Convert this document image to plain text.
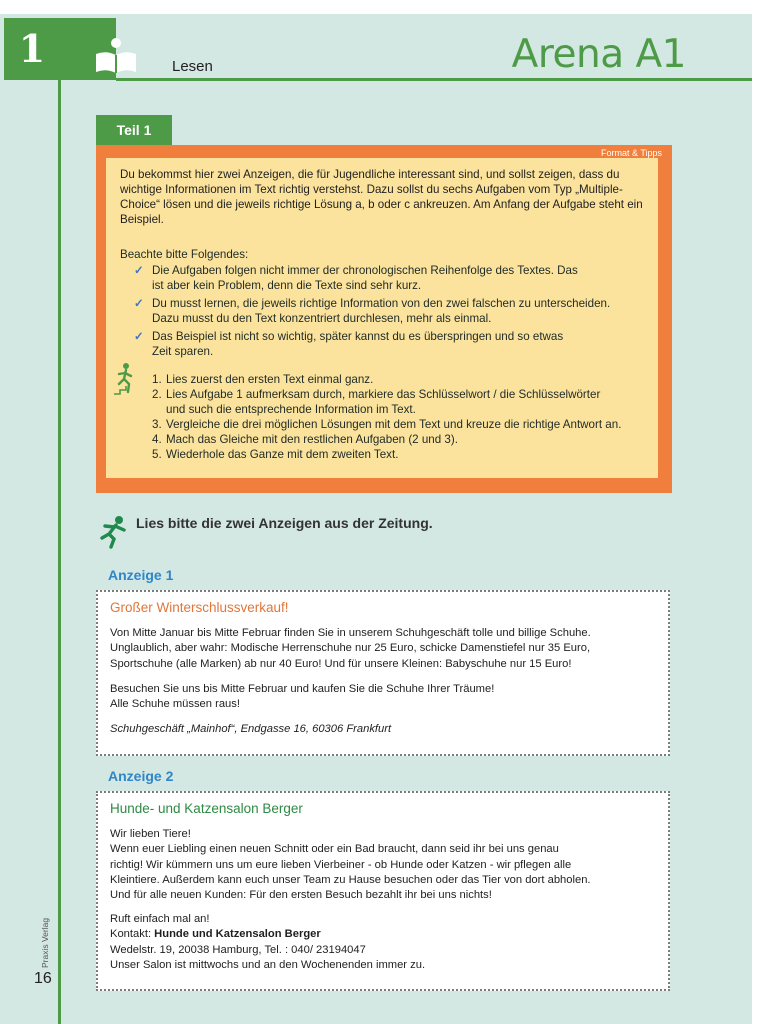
1	Lesen	Arena A1
Teil 1
Format & Tipps

Du bekommst hier zwei Anzeigen, die für Jugendliche interessant sind, und sollst zeigen, dass du wichtige Informationen im Text richtig verstehst. Dazu sollst du sechs Aufgaben vom Typ „Multiple-Choice“ lösen und die jeweils richtige Lösung a, b oder c ankreuzen. Am Anfang der Aufgabe steht ein Beispiel.

Beachte bitte Folgendes:
✓ Die Aufgaben folgen nicht immer der chronologischen Reihenfolge des Textes. Das
ist aber kein Problem, denn die Texte sind sehr kurz.
✓ Du musst lernen, die jeweils richtige Information von den zwei falschen zu unterscheiden.
Dazu musst du den Text konzentriert durchlesen, mehr als einmal.
✓ Das Beispiel ist nicht so wichtig, später kannst du es überspringen und so etwas
Zeit sparen.
1. Lies zuerst den ersten Text einmal ganz.
2. Lies Aufgabe 1 aufmerksam durch, markiere das Schlüsselwort / die Schlüsselwörter
und such die entsprechende Information im Text.
3. Vergleiche die drei möglichen Lösungen mit dem Text und kreuze die richtige Antwort an.
4. Mach das Gleiche mit den restlichen Aufgaben (2 und 3).
5. Wiederhole das Ganze mit dem zweiten Text.
Lies bitte die zwei Anzeigen aus der Zeitung.
Anzeige 1
Großer Winterschlussverkauf!

Von Mitte Januar bis Mitte Februar finden Sie in unserem Schuhgeschäft tolle und billige Schuhe.

Unglaublich, aber wahr: Modische Herrenschuhe nur 25 Euro, schicke Damenstiefel nur 35 Euro,

Sportschuhe (alle Marken) ab nur 40 Euro! Und für unsere Kleinen: Babyschuhe nur 15 Euro!

Besuchen Sie uns bis Mitte Februar und kaufen Sie die Schuhe Ihrer Träume!

Alle Schuhe müssen raus!

Schuhgeschäft „Mainhof“, Endgasse 16, 60306 Frankfurt

Anzeige 2
Hunde- und Katzensalon Berger

Wir lieben Tiere!

Wenn euer Liebling einen neuen Schnitt oder ein Bad braucht, dann seid ihr bei uns genau

richtig! Wir kümmern uns um eure lieben Vierbeiner - ob Hunde oder Katzen - wir pflegen alle

Kleintiere. Außerdem kann euch unser Team zu Hause besuchen oder das Tier von dort abholen.

Und für alle neuen Kunden: Für den ersten Besuch bezahlt ihr bei uns nichts!

Ruft einfach mal an!

Kontakt: Hunde und Katzensalon Berger

Wedelstr. 19, 20038 Hamburg, Tel. : 040/ 23194047

Unser Salon ist mittwochs und an den Wochenenden immer zu.

Praxis Verlag
16
